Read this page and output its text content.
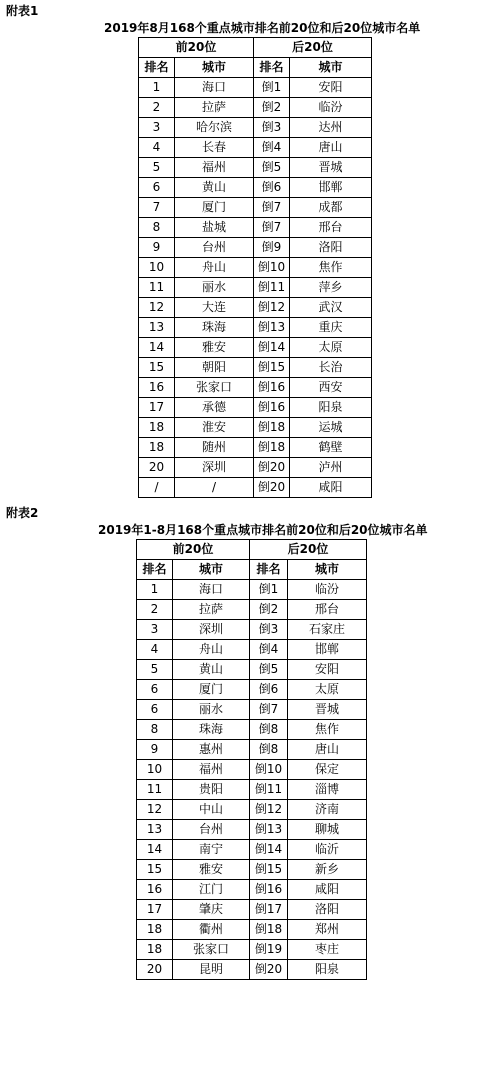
附表1
2019年8月168个重点城市排名前20位和后20位城市名单
前20位		后20位	
排名	城市	排名	城市
1	海口	倒1	安阳
2	拉萨	倒2	临汾
3	哈尔滨	倒3	达州
4	长春	倒4	唐山
5	福州	倒5	晋城
6	黄山	倒6	邯郸
7	厦门	倒7	成都
8	盐城	倒7	邢台
9	台州	倒9	洛阳
10	舟山	倒10	焦作
11	丽水	倒11	萍乡
12	大连	倒12	武汉
13	珠海	倒13	重庆
14	雅安	倒14	太原
15	朝阳	倒15	长治
16	张家口	倒16	西安
17	承德	倒16	阳泉
18	淮安	倒18	运城
18	随州	倒18	鹤壁
20	深圳	倒20	泸州
/	/	倒20	咸阳
附表2
2019年1-8月168个重点城市排名前20位和后20位城市名单
前20位		后20位	
排名	城市	排名	城市
1	海口	倒1	临汾
2	拉萨	倒2	邢台
3	深圳	倒3	石家庄
4	舟山	倒4	邯郸
5	黄山	倒5	安阳
6	厦门	倒6	太原
6	丽水	倒7	晋城
8	珠海	倒8	焦作
9	惠州	倒8	唐山
10	福州	倒10	保定
11	贵阳	倒11	淄博
12	中山	倒12	济南
13	台州	倒13	聊城
14	南宁	倒14	临沂
15	雅安	倒15	新乡
16	江门	倒16	咸阳
17	肇庆	倒17	洛阳
18	衢州	倒18	郑州
18	张家口	倒19	枣庄
20	昆明	倒20	阳泉
